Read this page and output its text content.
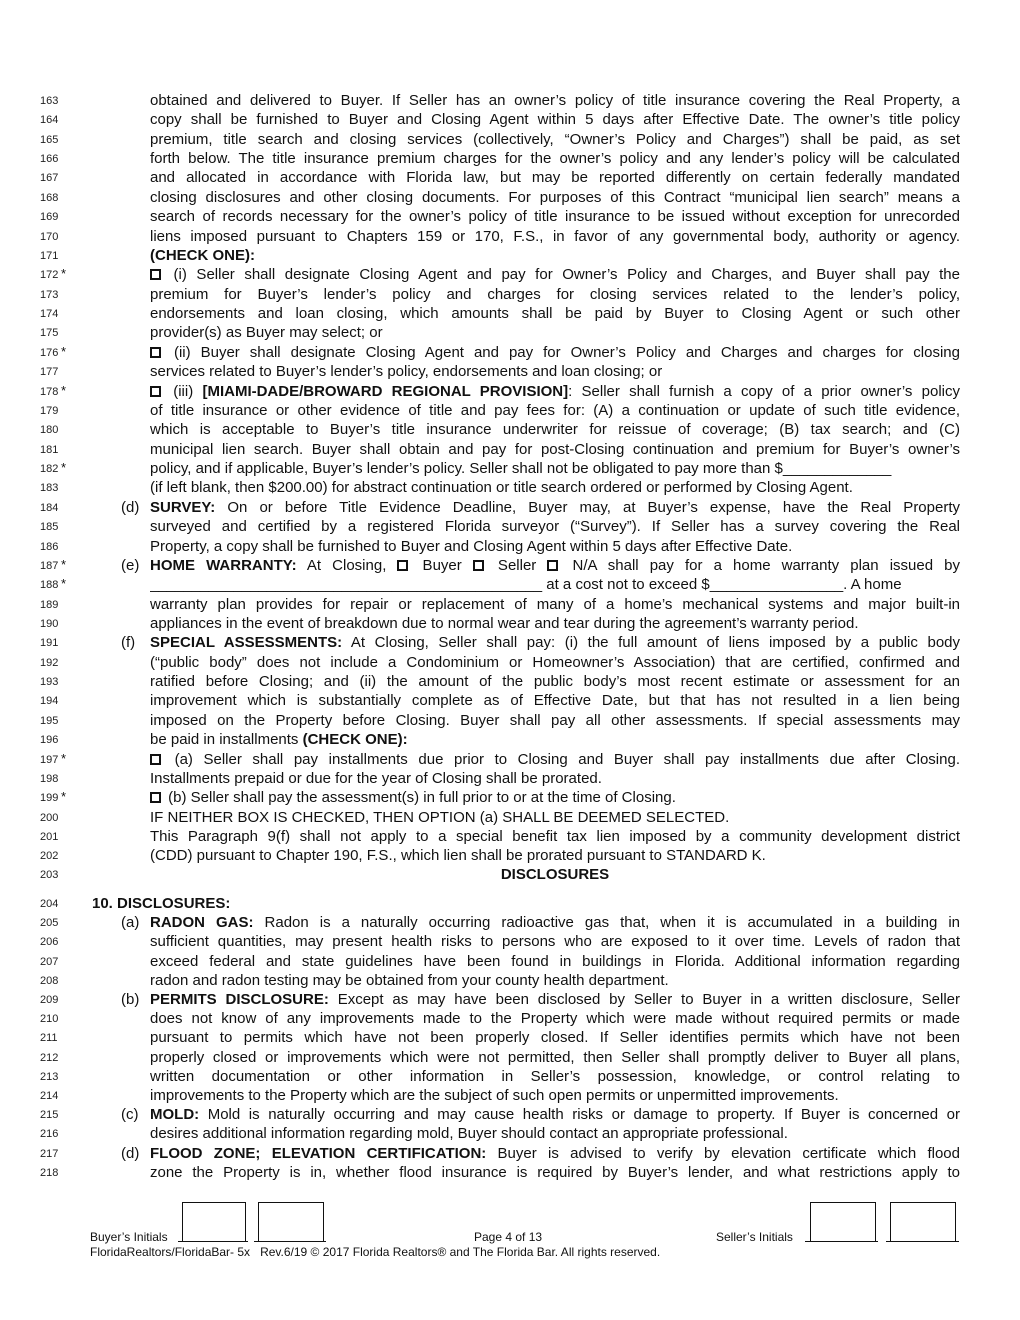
163	obtained and delivered to Buyer. If Seller has an owner’s policy of title insurance covering the Real Property, a
164	copy shall be furnished to Buyer and Closing Agent within 5 days after Effective Date. The owner’s title policy
165	premium, title search and closing services (collectively, “Owner’s Policy and Charges”) shall be paid, as set
166	forth below. The title insurance premium charges for the owner’s policy and any lender’s policy will be calculated
167	and allocated in accordance with Florida law, but may be reported differently on certain federally mandated
168	closing disclosures and other closing documents. For purposes of this Contract “municipal lien search” means a
169	search of records necessary for the owner’s policy of title insurance to be issued without exception for unrecorded
170	liens imposed pursuant to Chapters 159 or 170, F.S., in favor of any governmental body, authority or agency.
171	(CHECK ONE):
172 *	(i) Seller shall designate Closing Agent and pay for Owner’s Policy and Charges, and Buyer shall pay the
173	premium for Buyer’s lender’s policy and charges for closing services related to the lender’s policy,
174	endorsements and loan closing, which amounts shall be paid by Buyer to Closing Agent or such other
175	provider(s) as Buyer may select; or
176 *	(ii) Buyer shall designate Closing Agent and pay for Owner’s Policy and Charges and charges for closing
177	services related to Buyer’s lender’s policy, endorsements and loan closing; or
178 *	(iii) [MIAMI-DADE/BROWARD REGIONAL PROVISION]: Seller shall furnish a copy of a prior owner’s policy
179	of title insurance or other evidence of title and pay fees for: (A) a continuation or update of such title evidence,
180	which is acceptable to Buyer’s title insurance underwriter for reissue of coverage; (B) tax search; and (C)
181	municipal lien search. Buyer shall obtain and pay for post-Closing continuation and premium for Buyer’s owner’s
182 *	policy, and if applicable, Buyer’s lender’s policy. Seller shall not be obligated to pay more than $_____________
183	(if left blank, then $200.00) for abstract continuation or title search ordered or performed by Closing Agent.
184	(d) SURVEY: On or before Title Evidence Deadline, Buyer may, at Buyer’s expense, have the Real Property
185	surveyed and certified by a registered Florida surveyor (“Survey”). If Seller has a survey covering the Real
186	Property, a copy shall be furnished to Buyer and Closing Agent within 5 days after Effective Date.
187 *	(e) HOME WARRANTY: At Closing,  Buyer  Seller  N/A shall pay for a home warranty plan issued by
188 *	_______________________________________________ at a cost not to exceed $________________. A home
189	warranty plan provides for repair or replacement of many of a home’s mechanical systems and major built-in
190	appliances in the event of breakdown due to normal wear and tear during the agreement’s warranty period.
191	(f) SPECIAL ASSESSMENTS: At Closing, Seller shall pay: (i) the full amount of liens imposed by a public body
192	(“public body” does not include a Condominium or Homeowner’s Association) that are certified, confirmed and
193	ratified before Closing; and (ii) the amount of the public body’s most recent estimate or assessment for an
194	improvement which is substantially complete as of Effective Date, but that has not resulted in a lien being
195	imposed on the Property before Closing. Buyer shall pay all other assessments. If special assessments may
196	be paid in installments (CHECK ONE):
197 *	(a) Seller shall pay installments due prior to Closing and Buyer shall pay installments due after Closing.
198	Installments prepaid or due for the year of Closing shall be prorated.
199 *	(b) Seller shall pay the assessment(s) in full prior to or at the time of Closing.
200	IF NEITHER BOX IS CHECKED, THEN OPTION (a) SHALL BE DEEMED SELECTED.
201	This Paragraph 9(f) shall not apply to a special benefit tax lien imposed by a community development district
202	(CDD) pursuant to Chapter 190, F.S., which lien shall be prorated pursuant to STANDARD K.
203	DISCLOSURES
204 10. DISCLOSURES:
205	(a) RADON GAS: Radon is a naturally occurring radioactive gas that, when it is accumulated in a building in
206	sufficient quantities, may present health risks to persons who are exposed to it over time. Levels of radon that
207	exceed federal and state guidelines have been found in buildings in Florida. Additional information regarding
208	radon and radon testing may be obtained from your county health department.
209	(b) PERMITS DISCLOSURE: Except as may have been disclosed by Seller to Buyer in a written disclosure, Seller
210	does not know of any improvements made to the Property which were made without required permits or made
211	pursuant to permits which have not been properly closed. If Seller identifies permits which have not been
212	properly closed or improvements which were not permitted, then Seller shall promptly deliver to Buyer all plans,
213	written documentation or other information in Seller’s possession, knowledge, or control relating to
214	improvements to the Property which are the subject of such open permits or unpermitted improvements.
215	(c) MOLD: Mold is naturally occurring and may cause health risks or damage to property. If Buyer is concerned or
216	desires additional information regarding mold, Buyer should contact an appropriate professional.
217	(d) FLOOD ZONE; ELEVATION CERTIFICATION: Buyer is advised to verify by elevation certificate which flood
218	zone the Property is in, whether flood insurance is required by Buyer’s lender, and what restrictions apply to
Buyer’s Initials	Page 4 of 13	Seller’s Initials
FloridaRealtors/FloridaBar- 5x Rev.6/19 © 2017 Florida Realtors® and The Florida Bar. All rights reserved.
